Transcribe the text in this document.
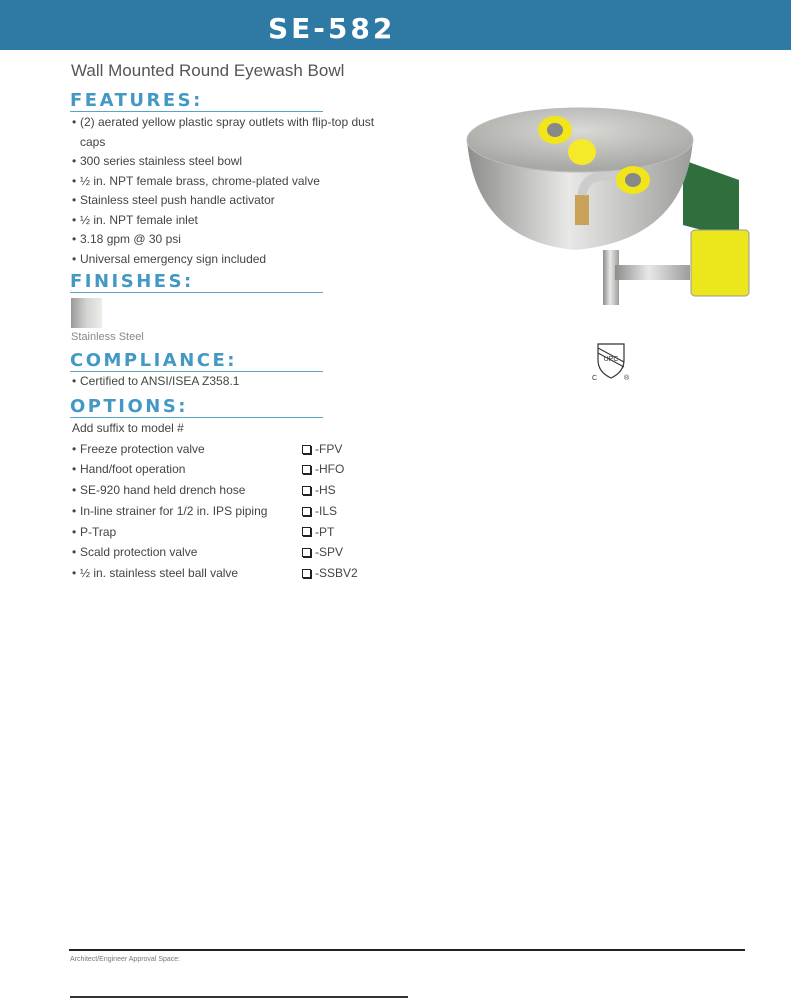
SE-582
Wall Mounted Round Eyewash Bowl
FEATURES:
• (2) aerated yellow plastic spray outlets with flip-top dust
caps
• 300 series stainless steel bowl
• ½ in. NPT female brass, chrome-plated valve
• Stainless steel push handle activator
• ½ in. NPT female inlet
• 3.18 gpm @ 30 psi
• Universal emergency sign included
FINISHES:
Stainless Steel
COMPLIANCE:
• Certified to ANSI/ISEA Z358.1
OPTIONS:
Add suffix to model #
• Freeze protection valve	-FPV
• Hand/foot operation	-HFO
• SE-920 hand held drench hose	-HS
• In-line strainer for 1/2 in. IPS piping	-ILS
• P-Trap	-PT
• Scald protection valve	-SPV
• ½ in. stainless steel ball valve	-SSBV2
UPC
C	®
Architect/Engineer Approval Space:
